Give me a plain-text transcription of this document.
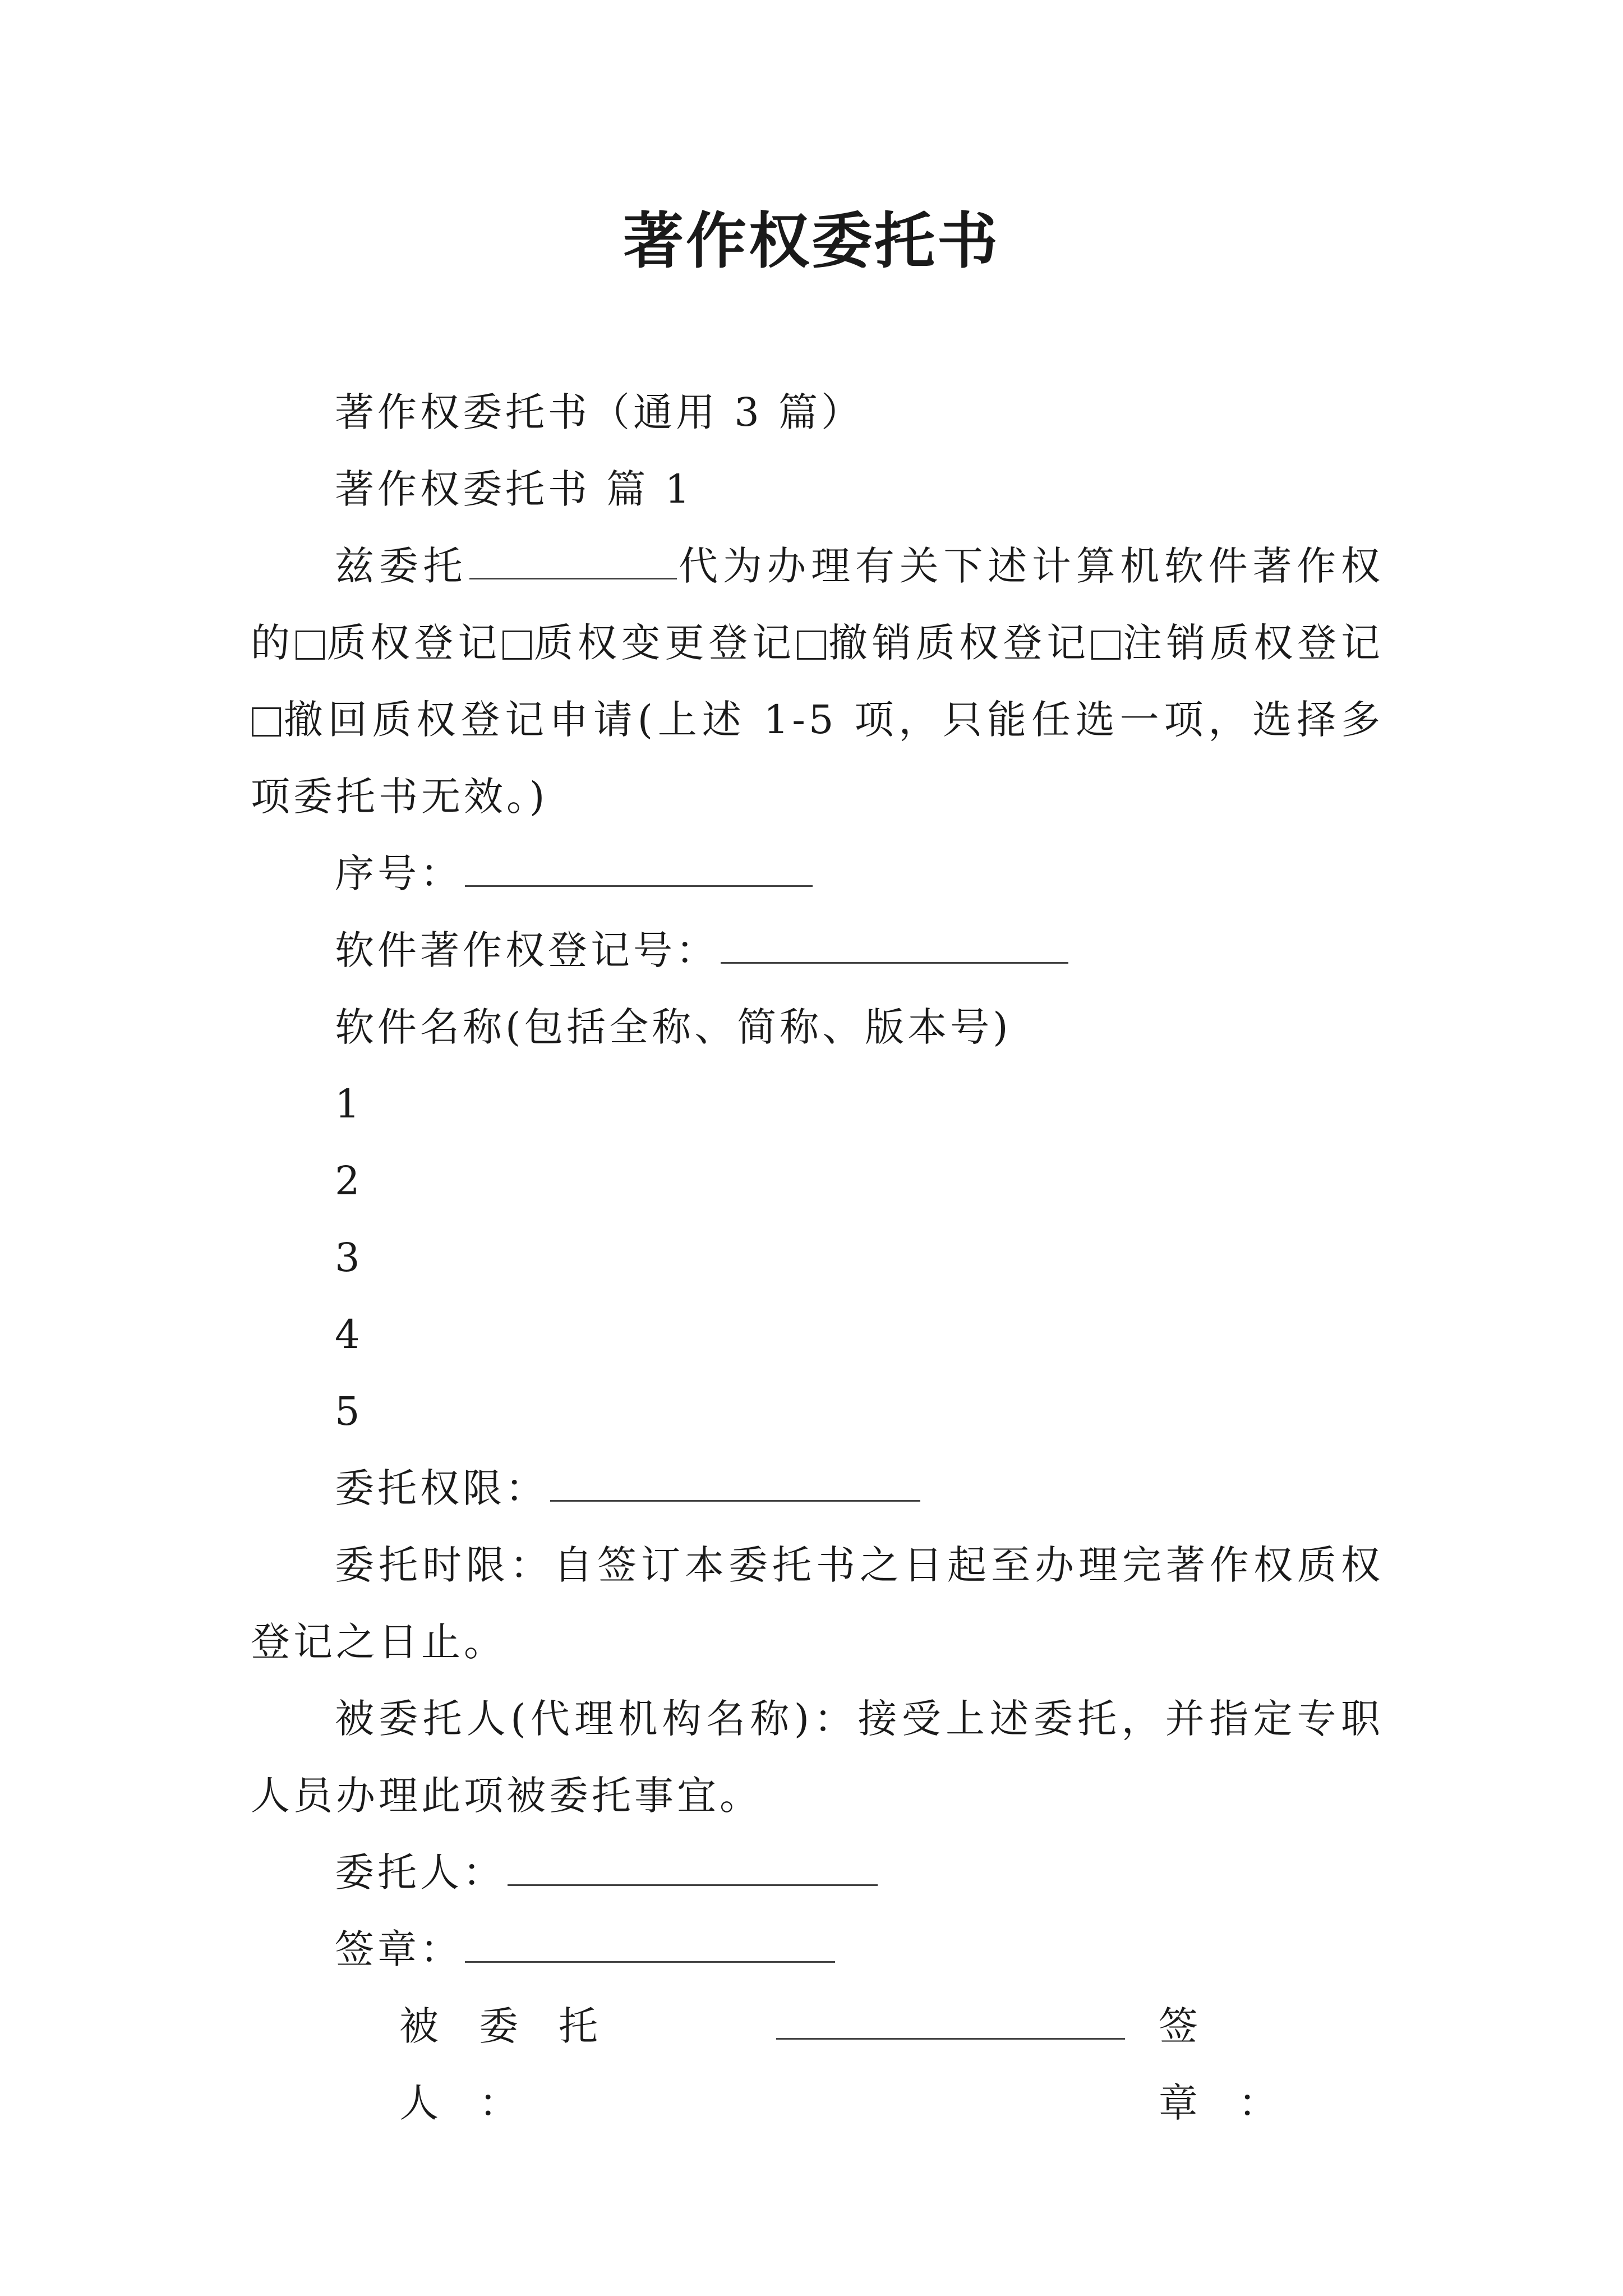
著作权委托书

著作权委托书（通用 3 篇）

著作权委托书 篇 1

兹委托	代为办理有关下述计算机软件著作权的 质权登记 质权变更登记 撤销质权登记 注销质权登记撤回质权登记申请(上述 1-5 项，只能任选一项，选择多项委托书无效。)

序号：

软件著作权登记号：

软件名称(包括全称、简称、版本号)

1

2

3

4

5

委托权限：

委托时限：自签订本委托书之日起至办理完著作权质权登记之日止。

被委托人(代理机构名称)：接受上述委托，并指定专职人员办理此项被委托事宜。

委托人：

签章：

被委托人：
签章：
